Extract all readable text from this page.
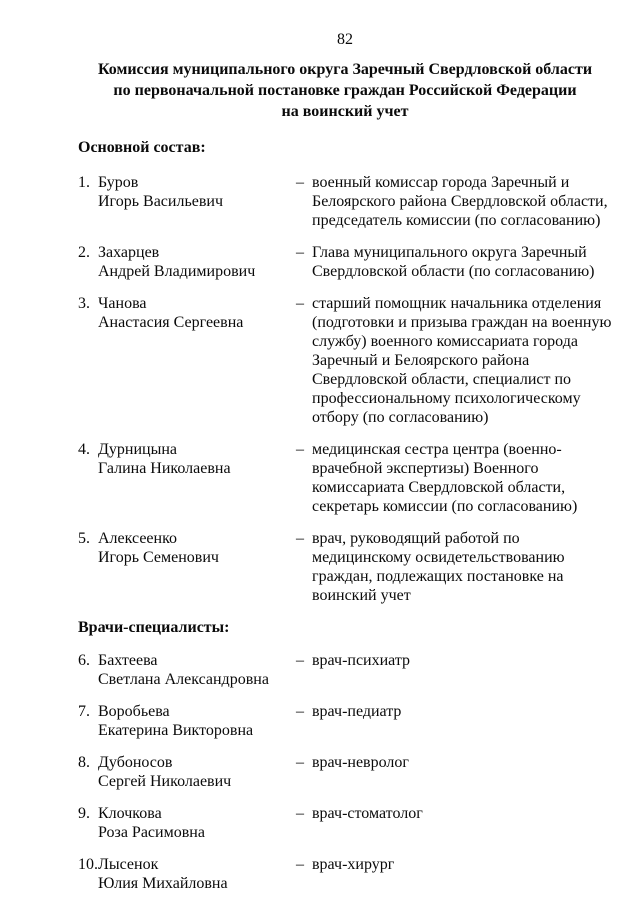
82
Комиссия муниципального округа Заречный Свердловской области
по первоначальной постановке граждан Российской Федерации
на воинский учет
Основной состав:
1. Буров
Игорь Васильевич
– военный комиссар города Заречный и Белоярского района Свердловской области, председатель комиссии (по согласованию)
2. Захарцев
Андрей Владимирович
– Глава муниципального округа Заречный Свердловской области (по согласованию)
3. Чанова
Анастасия Сергеевна
– старший помощник начальника отделения (подготовки и призыва граждан на военную службу) военного комиссариата города Заречный и Белоярского района Свердловской области, специалист по профессиональному психологическому отбору (по согласованию)
4. Дурницына
Галина Николаевна
– медицинская сестра центра (военно-врачебной экспертизы) Военного комиссариата Свердловской области, секретарь комиссии (по согласованию)
5. Алексеенко
Игорь Семенович
– врач, руководящий работой по медицинскому освидетельствованию граждан, подлежащих постановке на воинский учет
Врачи-специалисты:
6. Бахтеева
Светлана Александровна
– врач-психиатр
7. Воробьева
Екатерина Викторовна
– врач-педиатр
8. Дубоносов
Сергей Николаевич
– врач-невролог
9. Клочкова
Роза Расимовна
– врач-стоматолог
10. Лысенок
Юлия Михайловна
– врач-хирург
